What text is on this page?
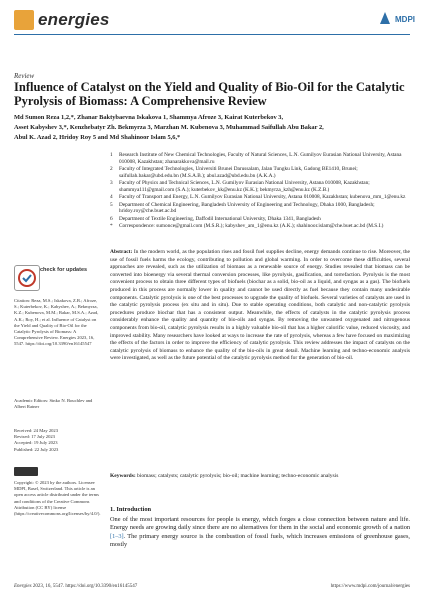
energies	MDPI
Review
Influence of Catalyst on the Yield and Quality of Bio-Oil for the Catalytic Pyrolysis of Biomass: A Comprehensive Review
Md Sumon Reza 1,2,*, Zhanar Baktybaevna Iskakova 1, Shammya Afroze 3, Kairat Kuterbekov 3,
Asset Kabyshev 3,*, Kenzhebatyr Zh. Bekmyrza 3, Marzhan M. Kubenova 3, Muhammad Saifullah Abu Bakar 2,
Abul K. Azad 2, Hridoy Roy 5 and Md Shahinoor Islam 5,6,*
1	Research Institute of New Chemical Technologies, Faculty of Natural Sciences, L.N. Gumilyov Eurasian National University, Astana 010008, Kazakhstan; zhanarakkova@mail.ru
2	Faculty of Integrated Technologies, Universiti Brunei Darussalam, Jalan Tungku Link, Gadong BE1410, Brunei; saifullah.bakar@ubd.edu.bn (M.S.A.B.); abul.azad@ubd.edu.bn (A.K.A.)
3	Faculty of Physics and Technical Sciences, L.N. Gumilyov Eurasian National University, Astana 010008, Kazakhstan; shammya111@gmail.com (S.A.); kuterbekov_kk@enu.kz (K.K.); bekmyrza_kzh@enu.kz (K.Z.B.)
4	Faculty of Transport and Energy, L.N. Gumilyov Eurasian National University, Astana 010008, Kazakhstan; kubenova_mm_1@enu.kz
5	Department of Chemical Engineering, Bangladesh University of Engineering and Technology, Dhaka 1000, Bangladesh; hridoy.roy@che.buet.ac.bd
6	Department of Textile Engineering, Daffodil International University, Dhaka 1341, Bangladesh
*	Correspondence: sumonce@gmail.com (M.S.R.); kabyshev_am_1@enu.kz (A.K.); shahinoor.islam@che.buet.ac.bd (M.S.I.)
check for updates
Citation: Reza, M.S.; Iskakova, Z.B.; Afroze, S.; Kuterbekov, K.; Kabyshev, A.; Bekmyrza, K.Z.; Kubenova, M.M.; Bakar, M.S.A.; Azad, A.K.; Roy, H.; et al. Influence of Catalyst on the Yield and Quality of Bio-Oil for the Catalytic Pyrolysis of Biomass: A Comprehensive Review. Energies 2023, 16, 5547. https://doi.org/10.3390/en16145547
Academic Editors: Sinko N. Bouchlev and Albert Ratner
Received: 24 May 2023
Revised: 17 July 2023
Accepted: 19 July 2023
Published: 22 July 2023
Copyright: © 2023 by the authors. Licensee MDPI, Basel, Switzerland. This article is an open access article distributed under the terms and conditions of the Creative Commons Attribution (CC BY) license (https://creativecommons.org/licenses/by/4.0/).
Abstract: In the modern world, as the population rises and fossil fuel supplies decline, energy demands continue to rise. Moreover, the use of fossil fuels harms the ecology, contributing to pollution and global warming. In order to overcome these difficulties, several approaches are revealed, such as the utilization of biomass as a renewable source of energy. Studies revealed that biomass can be converted into bioenergy via several thermal conversion processes, like pyrolysis, gasification, and torrefaction. Pyrolysis is the most convenient process to obtain three different types of biofuels (biochar as a solid, bio-oil as a liquid, and syngas as a gas). The biofuels produced in this process are normally lower in quality and cannot be used directly as fuel because they contain many undesirable components. Catalytic pyrolysis is one of the best processes to upgrade the quality of biofuels. Several varieties of catalysts are used in the catalytic pyrolysis process (ex situ and in situ). Due to stable operating conditions, both catalytic and non-catalytic pyrolysis procedures produce biochar that has a consistent output. Meanwhile, the effects of catalysts in the catalytic pyrolysis process considerably enhance the quality and quantity of bio-oils and syngas. By removing the unwanted oxygenated and nitrogenous components from bio-oil, catalytic pyrolysis results in a highly valuable bio-oil that has a higher calorific value, reduced viscosity, and improved stability. Many researchers have looked at ways to increase the rate of pyrolysis, whereas a few have focused on maximizing the effects of the factors in order to improve the efficiency of catalytic pyrolysis. This review addresses the impact of catalysts on the catalytic pyrolysis of biomass to enhance the quality of the bio-oils in great detail. Machine learning and techno-economic analysis were investigated, as well as the future potential of the catalytic pyrolysis method for the generation of bio-oil.
Keywords: biomass; catalysts; catalytic pyrolysis; bio-oil; machine learning; techno-economic analysis
1. Introduction
One of the most important resources for people is energy, which forges a close connection between nature and life. Energy needs are growing daily since there are no alternatives for them in the social and economic growth of a nation [1–3]. The primary energy source is the combustion of fossil fuels, which increases emissions of greenhouse gases, mostly
Energies 2023, 16, 5547. https://doi.org/10.3390/en16145547	https://www.mdpi.com/journal/energies
